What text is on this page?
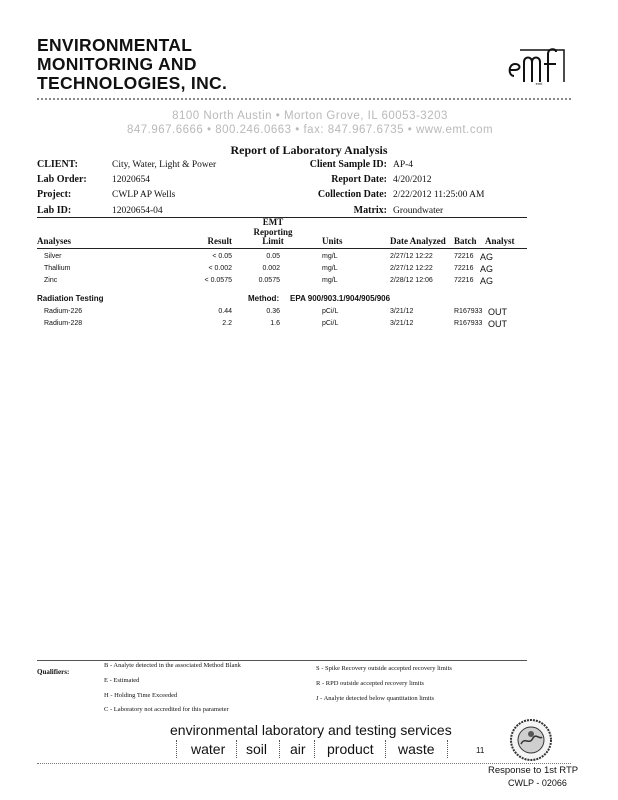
ENVIRONMENTAL
MONITORING AND
TECHNOLOGIES, INC.	emt
8100 North Austin • Morton Grove, IL 60053-3203
847.967.6666 • 800.246.0663 • fax: 847.967.6735 • www.emt.com
Report of Laboratory Analysis
CLIENT:	City, Water, Light & Power
Lab Order:	12020654
Project:	CWLP AP Wells
Lab ID:	12020654-04
Client Sample ID: AP-4
Report Date: 4/20/2012
Collection Date: 2/22/2012 11:25:00 AM
Matrix: Groundwater
Analyses	Result
EMT
Reporting
Limit	Units	Date Analyzed Batch Analyst
Silver	< 0.05	0.05	mg/L	2/27/12 12:22	72216 AG
Thallium	< 0.002	0.002	mg/L	2/27/12 12:22	72216 AG
Zinc	< 0.0575	0.0575	mg/L	2/28/12 12:06	72216 AG
Radiation Testing	Method: EPA 900/903.1/904/905/906
Radium-226	0.44	0.36	pCi/L	3/21/12	R167933 OUT
Radium-228	2.2	1.6	pCi/L	3/21/12	R167933 OUT
Qualifiers:
B - Analyte detected in the associated Method Blank
E - Estimated
H - Holding Time Exceeded
C - Laboratory not accredited for this parameter
S - Spike Recovery outside accepted recovery limits
R - RPD outside accepted recovery limits
J - Analyte detected below quantitation limits
environmental laboratory and testing services
water soil air product waste	11
Response to 1st RTP
CWLP - 02066
